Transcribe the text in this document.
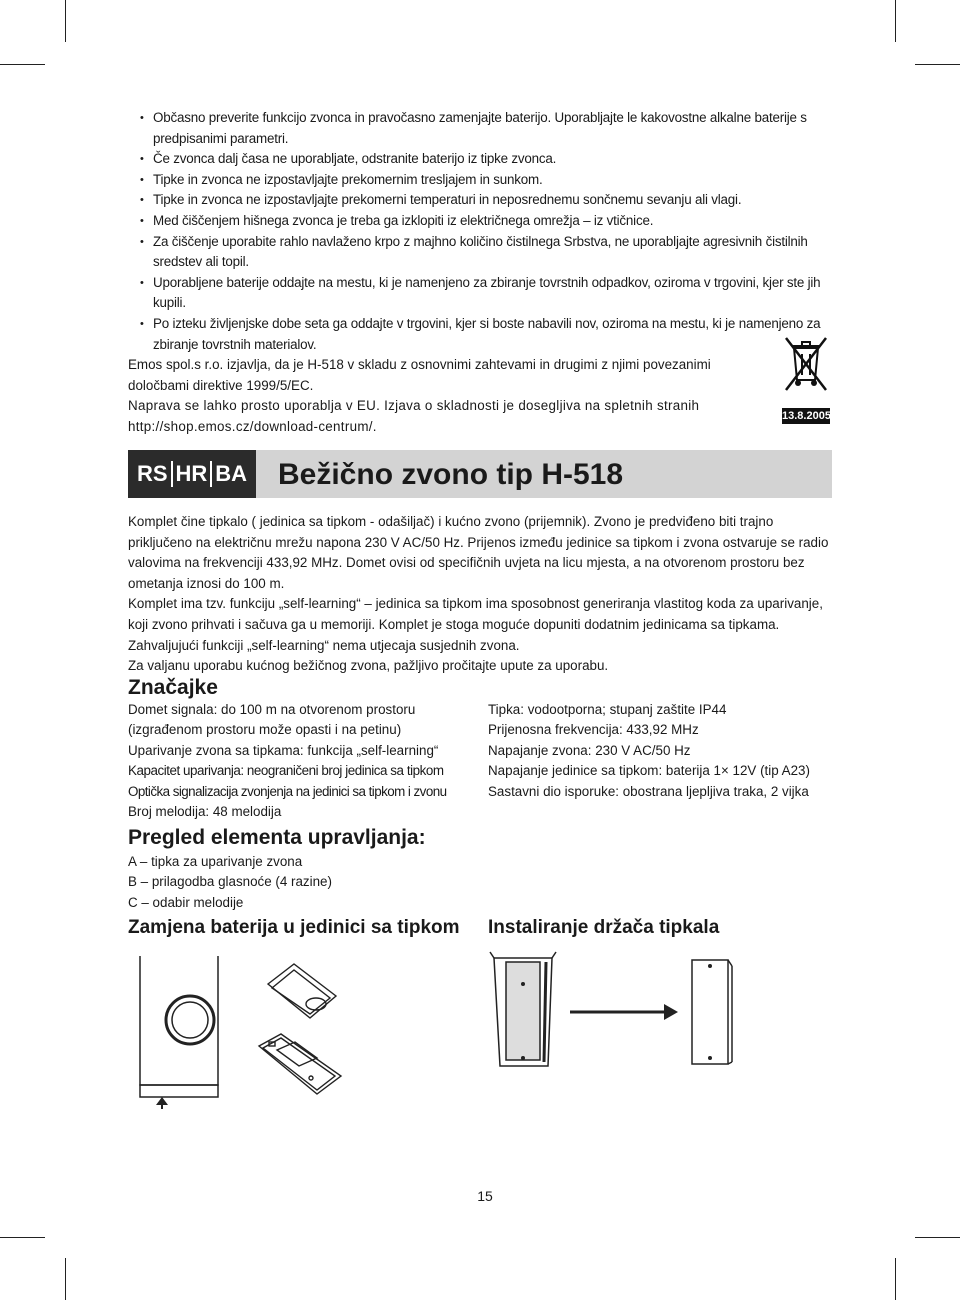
• Občasno preverite funkcijo zvonca in pravočasno zamenjajte baterijo. Uporabljajte le kakovostne alkalne baterije s predpisanimi parametri.
• Če zvonca dalj časa ne uporabljate, odstranite baterijo iz tipke zvonca.
• Tipke in zvonca ne izpostavljajte prekomernim tresljajem in sunkom.
• Tipke in zvonca ne izpostavljajte prekomerni temperaturi in neposrednemu sončnemu sevanju ali vlagi.
• Med čiščenjem hišnega zvonca je treba ga izklopiti iz električnega omrežja – iz vtičnice.
• Za čiščenje uporabite rahlo navlaženo krpo z majhno količino čistilnega Srbstva, ne uporabljajte agresivnih čistilnih sredstev ali topil.
• Uporabljene baterije oddajte na mestu, ki je namenjeno za zbiranje tovrstnih odpadkov, oziroma v trgovini, kjer ste jih kupili.
• Po izteku življenjske dobe seta ga oddajte v trgovini, kjer si boste nabavili nov, oziroma na mestu, ki je namenjeno za zbiranje tovrstnih materialov.

Emos spol.s r.o. izjavlja, da je H-518 v skladu z osnovnimi zahtevami in drugimi z njimi povezanimi določbami direktive 1999/5/EC.

Naprava se lahko prosto uporablja v EU. Izjava o skladnosti je dosegljiva na spletnih stranih http://shop.emos.cz/download-centrum/.

13.8.2005
RS HR BA Bežično zvono tip H-518

Komplet čine tipkalo ( jedinica sa tipkom - odašiljač) i kućno zvono (prijemnik). Zvono je predviđeno biti trajno priključeno na električnu mrežu napona 230 V AC/50 Hz. Prijenos između jedinice sa tipkom i zvona ostvaruje se radio valovima na frekvenciji 433,92 MHz. Domet ovisi od specifičnih uvjeta na licu mjesta, a na otvorenom prostoru bez ometanja iznosi do 100 m.

Komplet ima tzv. funkciju „self-learning“ – jedinica sa tipkom ima sposobnost generiranja vlastitog koda za uparivanje, koji zvono prihvati i sačuva ga u memoriji. Komplet je stoga moguće dopuniti dodatnim jedinicama sa tipkama.

Zahvaljujući funkciji „self-learning“ nema utjecaja susjednih zvona.

Za valjanu uporabu kućnog bežičnog zvona, pažljivo pročitajte upute za uporabu.

Značajke

Domet signala: do 100 m na otvorenom prostoru

(izgrađenom prostoru može opasti i na petinu)

Uparivanje zvona sa tipkama: funkcija „self-learning“

Kapacitet uparivanja: neograničeni broj jedinica sa tipkom

Optička signalizacija zvonjenja na jedinici sa tipkom i zvonu

Broj melodija: 48 melodija

Tipka: vodootporna; stupanj zaštite IP44

Prijenosna frekvencija: 433,92 MHz

Napajanje zvona: 230 V AC/50 Hz

Napajanje jedinice sa tipkom: baterija 1× 12V (tip A23)

Sastavni dio isporuke: obostrana ljepljiva traka, 2 vijka

Pregled elementa upravljanja:

A – tipka za uparivanje zvona

B – prilagodba glasnoće (4 razine)

C – odabir melodije

Zamjena baterija u jedinici sa tipkom Instaliranje držača tipkala
15
